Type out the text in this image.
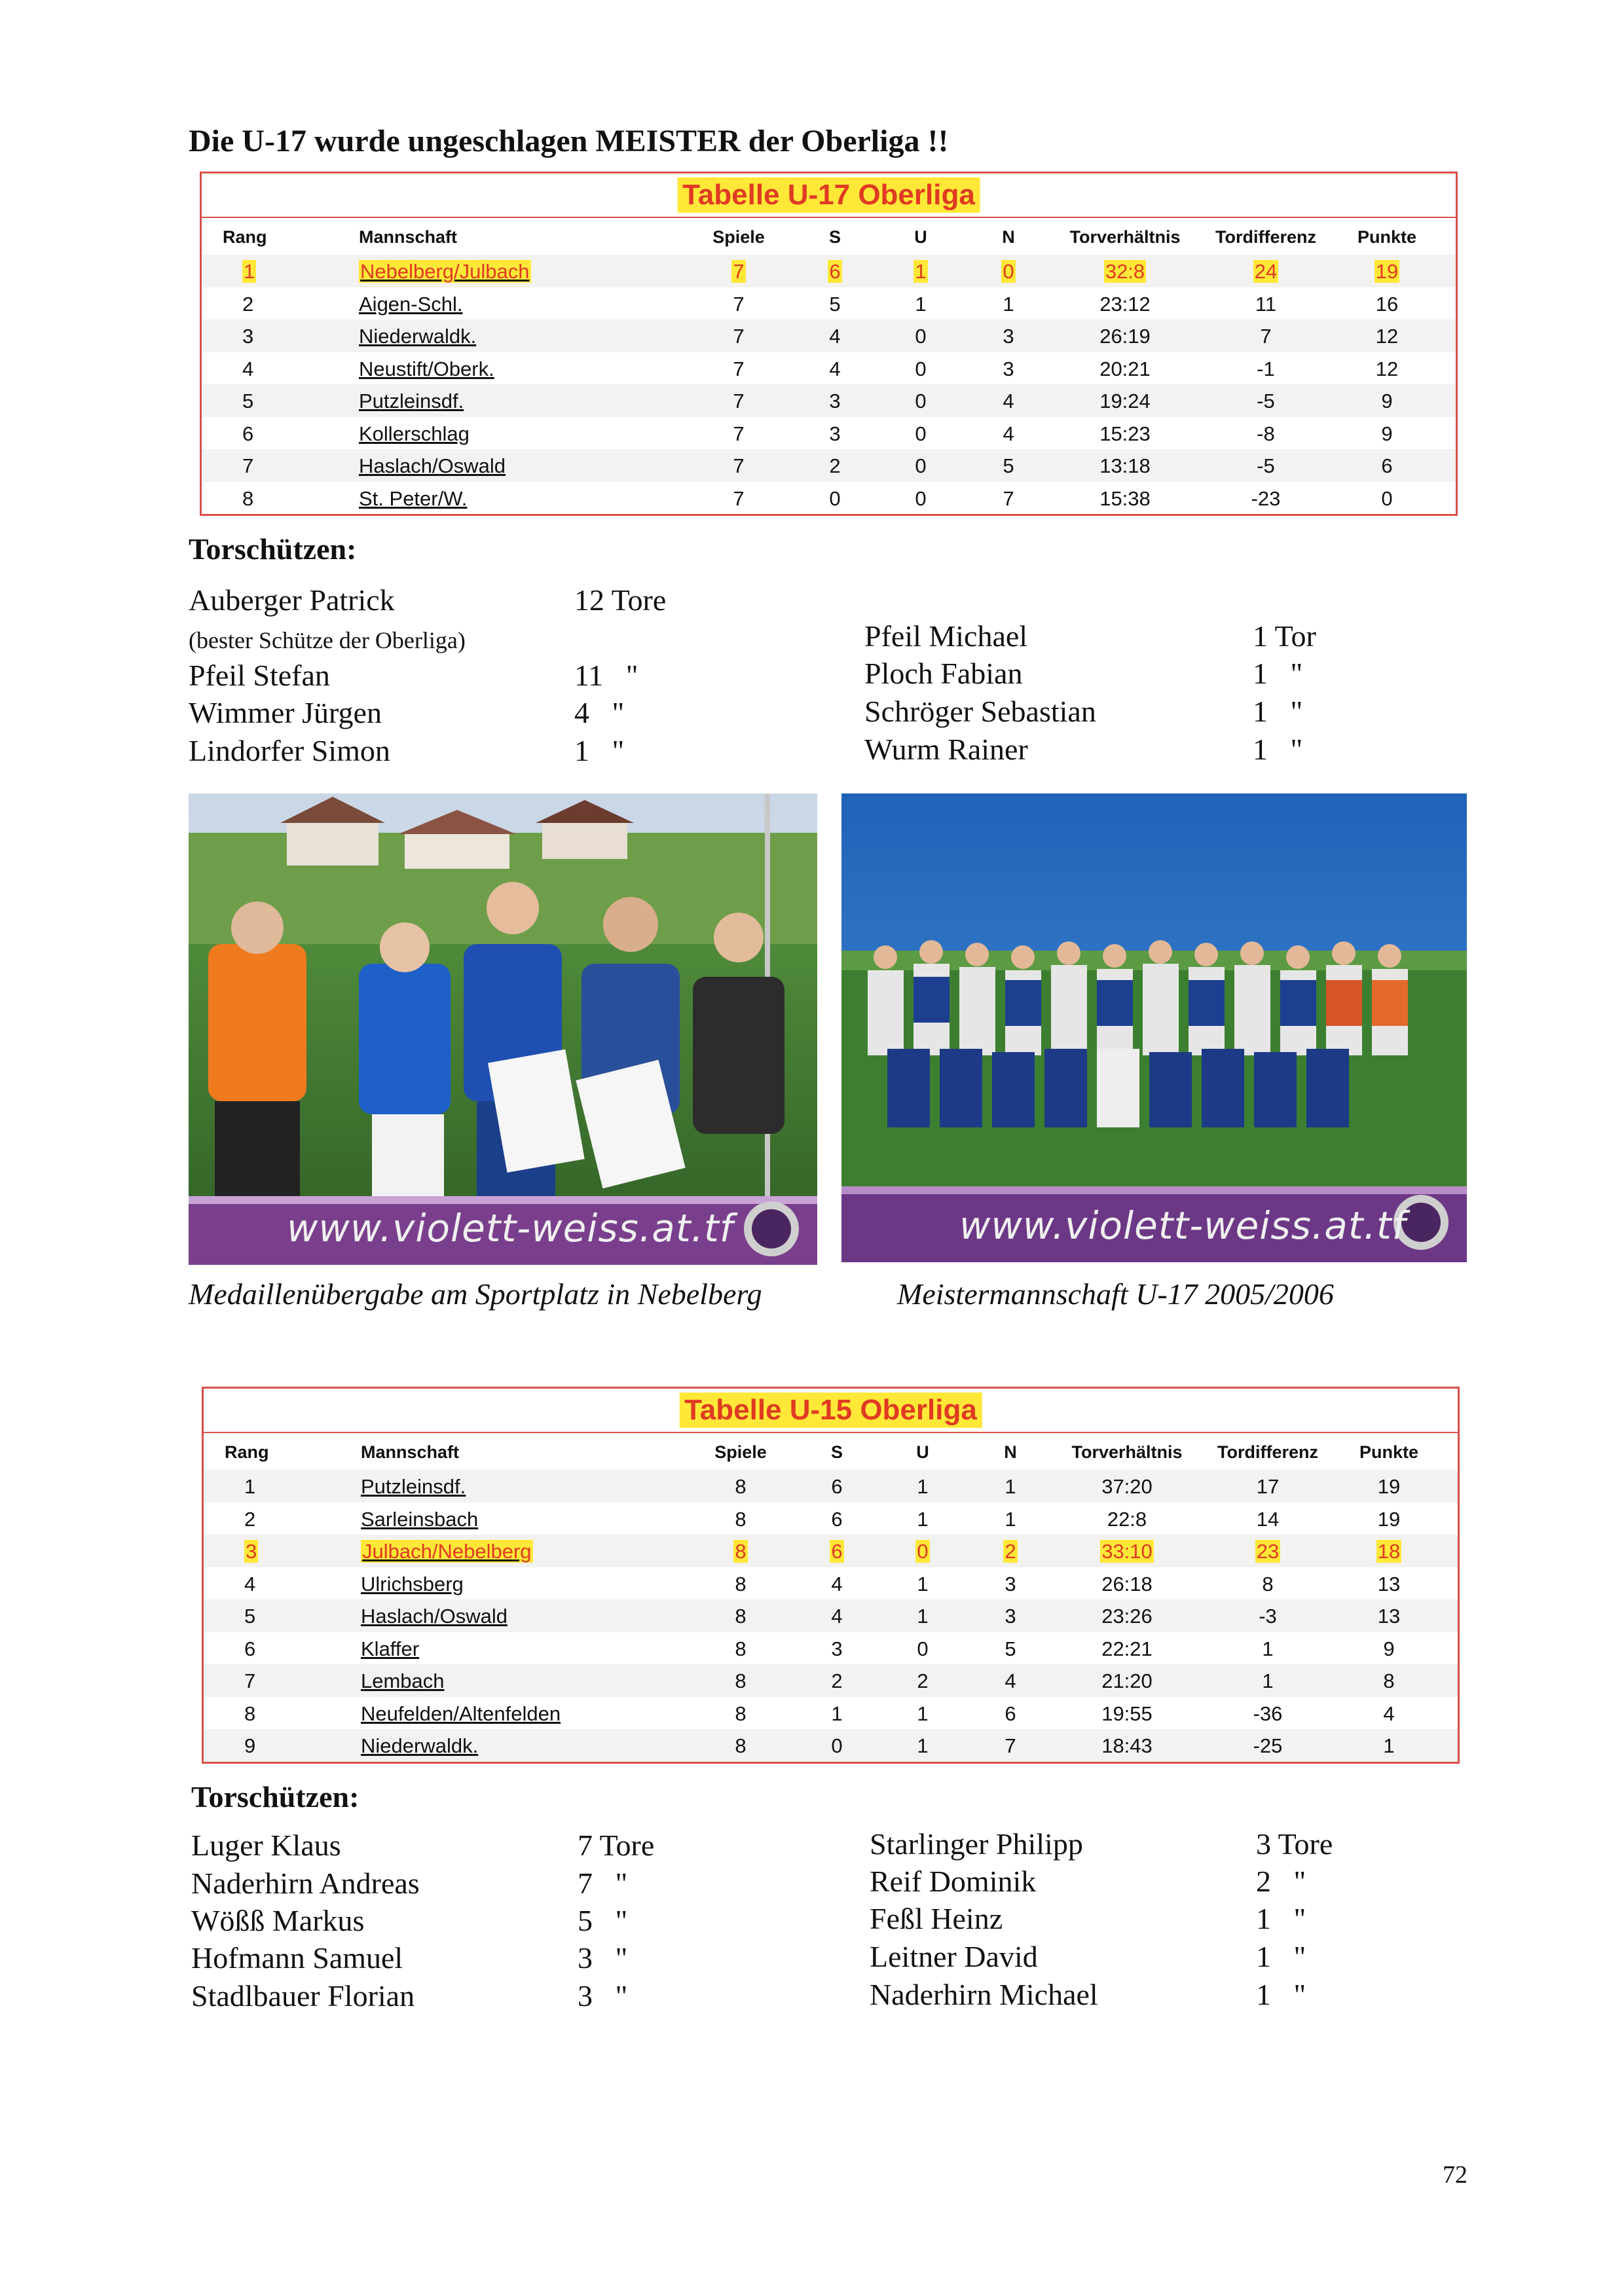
Die U-17 wurde ungeschlagen MEISTER der Oberliga !!
Tabelle U-17 Oberliga
Rang	Mannschaft	Spiele	S	U	N	Torverhältnis	Tordifferenz	Punkte
1	Nebelberg/Julbach	7	6	1	0	32:8	24	19
2	Aigen-Schl.	7	5	1	1	23:12	11	16
3	Niederwaldk.	7	4	0	3	26:19	7	12
4	Neustift/Oberk.	7	4	0	3	20:21	-1	12
5	Putzleinsdf.	7	3	0	4	19:24	-5	9
6	Kollerschlag	7	3	0	4	15:23	-8	9
7	Haslach/Oswald	7	2	0	5	13:18	-5	6
8	St. Peter/W.	7	0	0	7	15:38	-23	0
Torschützen:
Auberger Patrick	12 Tore
(bester Schütze der Oberliga)
Pfeil Stefan	11   "
Wimmer Jürgen	4   "
Lindorfer Simon	1   "
Pfeil Michael	1 Tor
Ploch Fabian	1   "
Schröger Sebastian	1   "
Wurm Rainer	1   "
www.violett-weiss.at.tf	www.violett-weiss.at.tf
Medaillenübergabe am Sportplatz in Nebelberg	Meistermannschaft U-17 2005/2006
Tabelle U-15 Oberliga
Rang	Mannschaft	Spiele	S	U	N	Torverhältnis	Tordifferenz	Punkte
1	Putzleinsdf.	8	6	1	1	37:20	17	19
2	Sarleinsbach	8	6	1	1	22:8	14	19
3	Julbach/Nebelberg	8	6	0	2	33:10	23	18
4	Ulrichsberg	8	4	1	3	26:18	8	13
5	Haslach/Oswald	8	4	1	3	23:26	-3	13
6	Klaffer	8	3	0	5	22:21	1	9
7	Lembach	8	2	2	4	21:20	1	8
8	Neufelden/Altenfelden	8	1	1	6	19:55	-36	4
9	Niederwaldk.	8	0	1	7	18:43	-25	1
Torschützen:
Luger Klaus	7 Tore
Naderhirn Andreas	7   "
Wößß Markus	5   "
Hofmann Samuel	3   "
Stadlbauer Florian	3   "
Starlinger Philipp	3 Tore
Reif Dominik	2   "
Feßl Heinz	1   "
Leitner David	1   "
Naderhirn Michael	1   "
72
